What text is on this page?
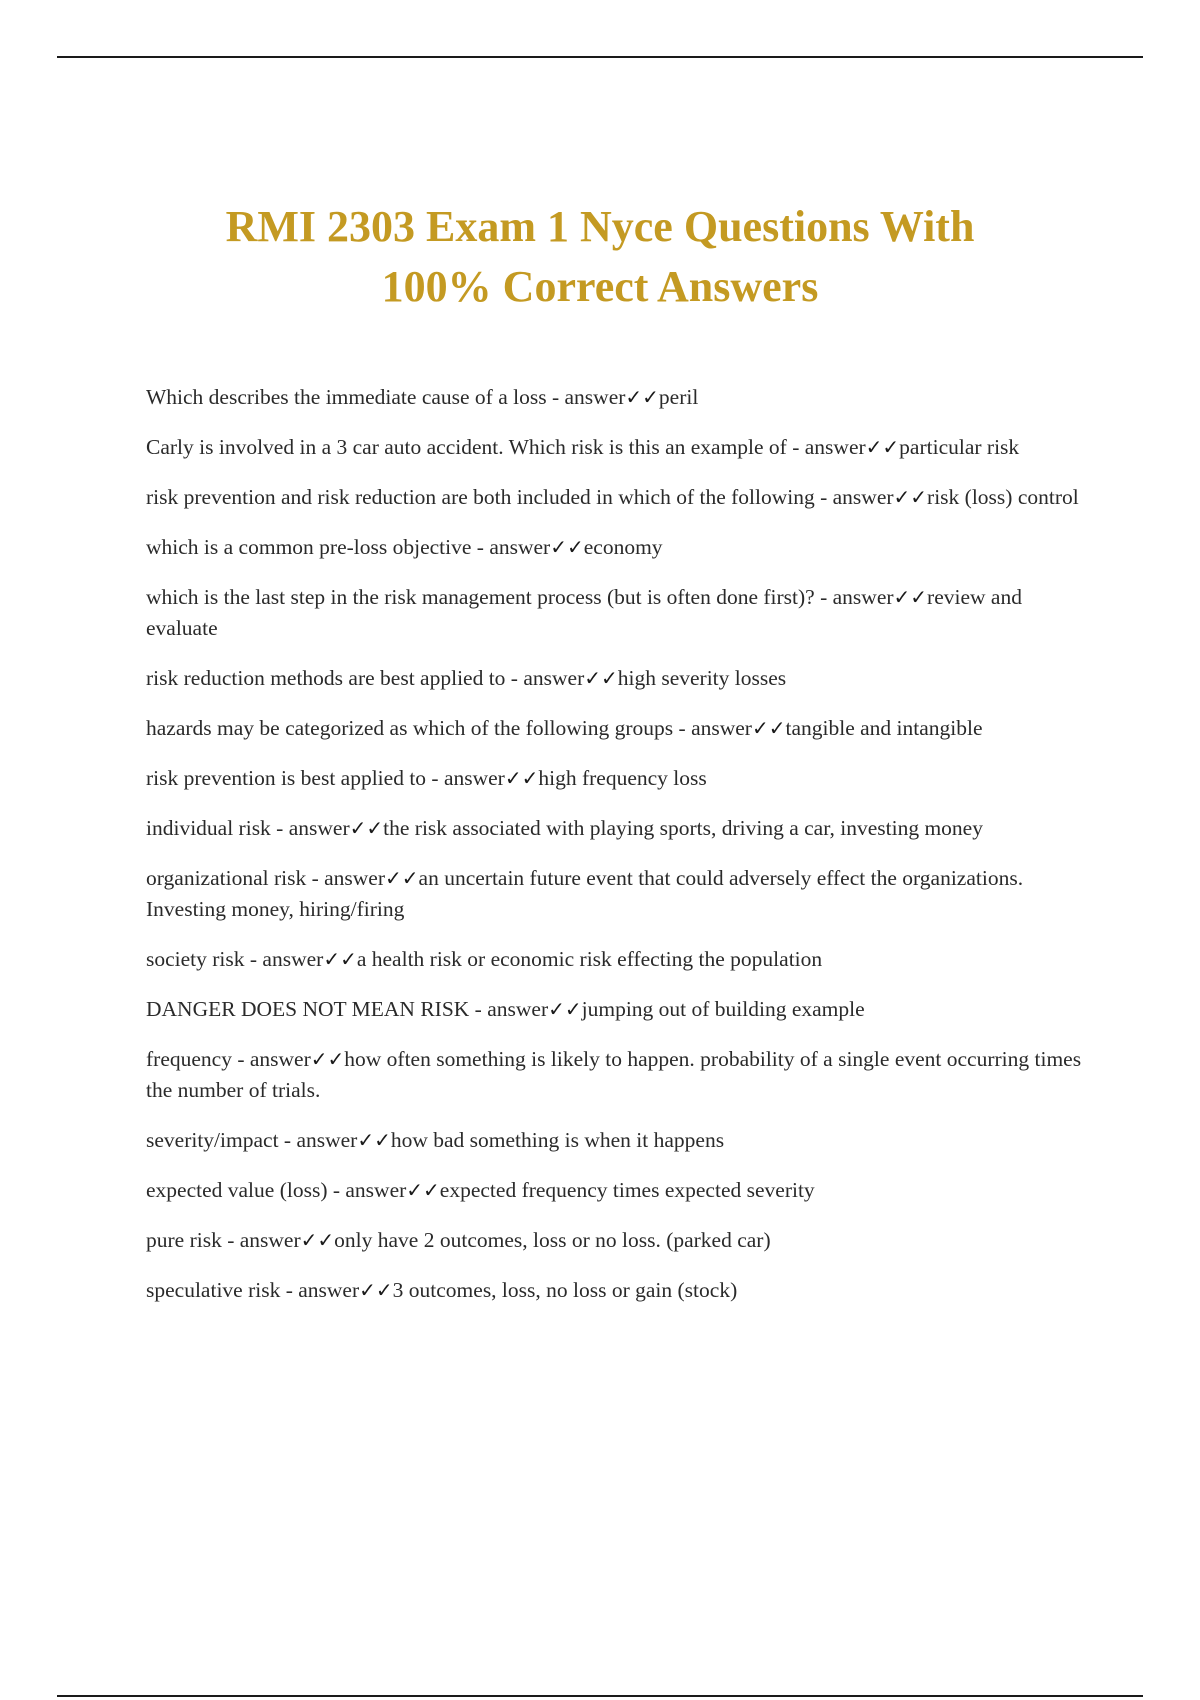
RMI 2303 Exam 1 Nyce Questions With
100% Correct Answers
Which describes the immediate cause of a loss - answer✓✓peril
Carly is involved in a 3 car auto accident. Which risk is this an example of - answer✓✓particular risk
risk prevention and risk reduction are both included in which of the following - answer✓✓risk (loss) control
which is a common pre-loss objective - answer✓✓economy
which is the last step in the risk management process (but is often done first)? - answer✓✓review and evaluate
risk reduction methods are best applied to - answer✓✓high severity losses
hazards may be categorized as which of the following groups - answer✓✓tangible and intangible
risk prevention is best applied to - answer✓✓high frequency loss
individual risk - answer✓✓the risk associated with playing sports, driving a car, investing money
organizational risk - answer✓✓an uncertain future event that could adversely effect the organizations. Investing money, hiring/firing
society risk - answer✓✓a health risk or economic risk effecting the population
DANGER DOES NOT MEAN RISK - answer✓✓jumping out of building example
frequency - answer✓✓how often something is likely to happen. probability of a single event occurring times the number of trials.
severity/impact - answer✓✓how bad something is when it happens
expected value (loss) - answer✓✓expected frequency times expected severity
pure risk - answer✓✓only have 2 outcomes, loss or no loss. (parked car)
speculative risk - answer✓✓3 outcomes, loss, no loss or gain (stock)
